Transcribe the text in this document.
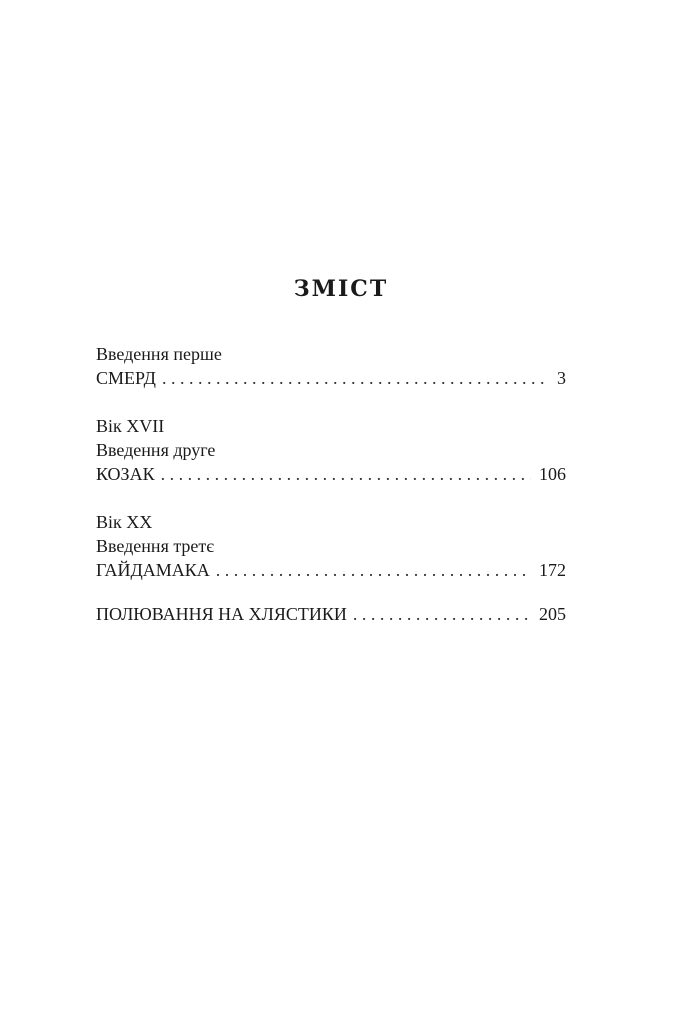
ЗМІСТ
Введення перше
СМЕРД . . .	3
Вік XVII
Введення друге
КОЗАК . . .	106
Вік XX
Введення третє
ГАЙДАМАКА . . .	172
ПОЛЮВАННЯ НА ХЛЯСТИКИ . . .	205
